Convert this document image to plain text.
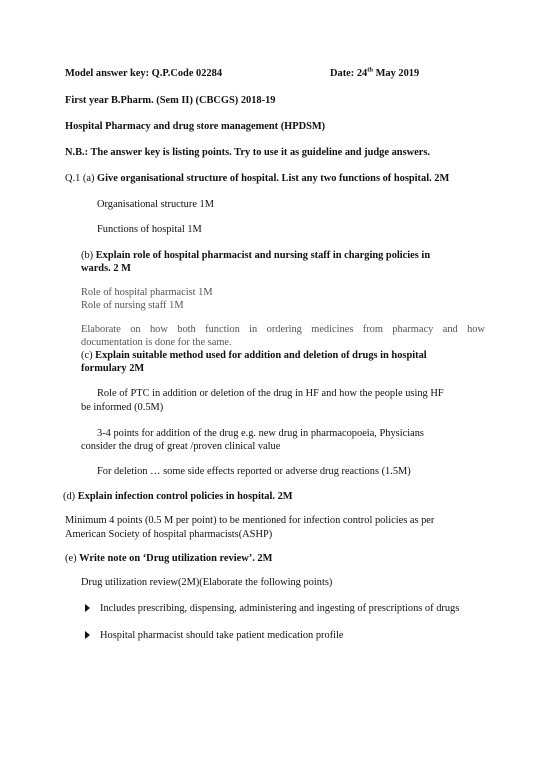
Model answer key: Q.P.Code 02284	Date: 24th May 2019
First year B.Pharm. (Sem II) (CBCGS) 2018-19
Hospital Pharmacy and drug store management (HPDSM)
N.B.: The answer key is listing points. Try to use it as guideline and judge answers.
Q.1 (a) Give organisational structure of hospital. List any two functions of hospital. 2M
Organisational structure 1M
Functions of hospital 1M
(b) Explain role of hospital pharmacist and nursing staff in charging policies in
wards. 2 M
Role of hospital pharmacist 1M
Role of nursing staff 1M
Elaborate on how both function in ordering medicines from pharmacy and how
documentation is done for the same.
(c) Explain suitable method used for addition and deletion of drugs in hospital
formulary 2M
Role of PTC in addition or deletion of the drug in HF and how the people using HF
be informed (0.5M)
3-4 points for addition of the drug e.g. new drug in pharmacopoeia, Physicians
consider the drug of great /proven clinical value
For deletion … some side effects reported or adverse drug reactions (1.5M)
(d) Explain infection control policies in hospital. 2M
Minimum 4 points (0.5 M per point) to be mentioned for infection control policies as per
American Society of hospital pharmacists(ASHP)
(e) Write note on ‘Drug utilization review’. 2M
Drug utilization review(2M)(Elaborate the following points)
Includes prescribing, dispensing, administering and ingesting of prescriptions of drugs
Hospital pharmacist should take patient medication profile
